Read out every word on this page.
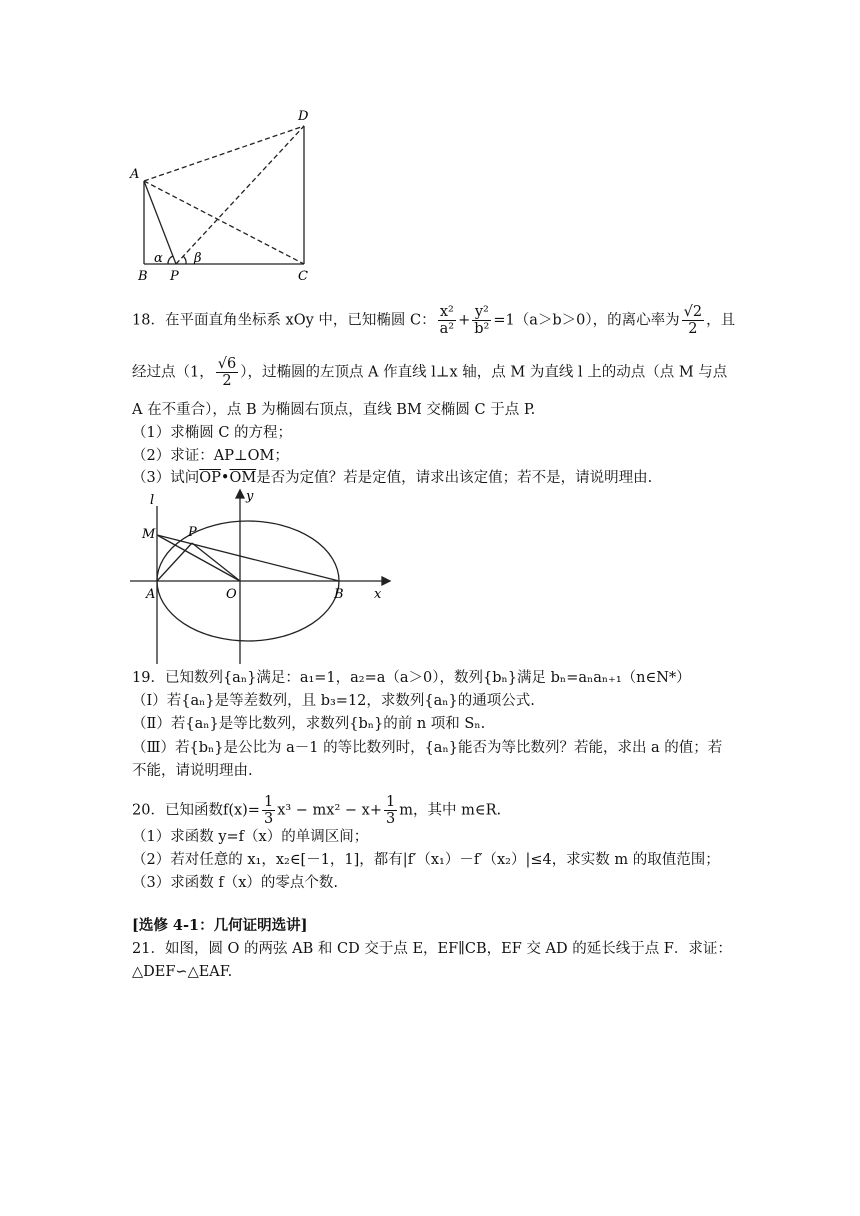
A
B	C
D
P
α β
18．在平面直角坐标系 xOy 中，已知椭圆 C： $\frac{\text{x²}}{\text{a²}} + \frac{\text{y²}}{\text{b²}} =1(a>b>0)$，的离心率为 $\frac{√2}{2}$ ，且
经过点（1， $\frac{√6}{2}$ ），过椭圆的左顶点 A 作直线 l⊥x 轴，点 M 为直线 l 上的动点（点 M 与点
A 在不重合），点 B 为椭圆右顶点，直线 BM 交椭圆 C 于点 P.
（1）求椭圆 C 的方程；
（2）求证：AP⊥OM；
（3）试问$\overline{OP}•\overline{OM}$是否为定值？若是定值，请求出该定值；若不是，请说明理由.
l	y
M	P
A	O	B x
19．已知数列{aₙ}满足：a₁=1，a₂=a（a＞0），数列{bₙ}满足 bₙ=aₙaₙ₊₁（n∈N*）
（Ⅰ）若{aₙ}是等差数列，且 b₃=12，求数列{aₙ}的通项公式.
（Ⅱ）若{aₙ}是等比数列，求数列{bₙ}的前 n 项和 Sₙ.
（Ⅲ）若{bₙ}是公比为 a－1 的等比数列时，{aₙ}能否为等比数列？若能，求出 a 的值；若
不能，请说明理由.
20．已知函数$f(x)= \frac{1}{3} x^3 - mx^2 - x+ \frac{1}{3}$ m，其中 m∈R.
（1）求函数 y=f（x）的单调区间；
（2）若对任意的 x₁，x₂∈[－1，1]，都有|f′（x₁）－f′（x₂）|≤4，求实数 m 的取值范围；
（3）求函数 f（x）的零点个数.
[选修 4-1：几何证明选讲]
21．如图，圆 O 的两弦 AB 和 CD 交于点 E，EF∥CB，EF 交 AD 的延长线于点 F．求证：
△DEF∽△EAF.
